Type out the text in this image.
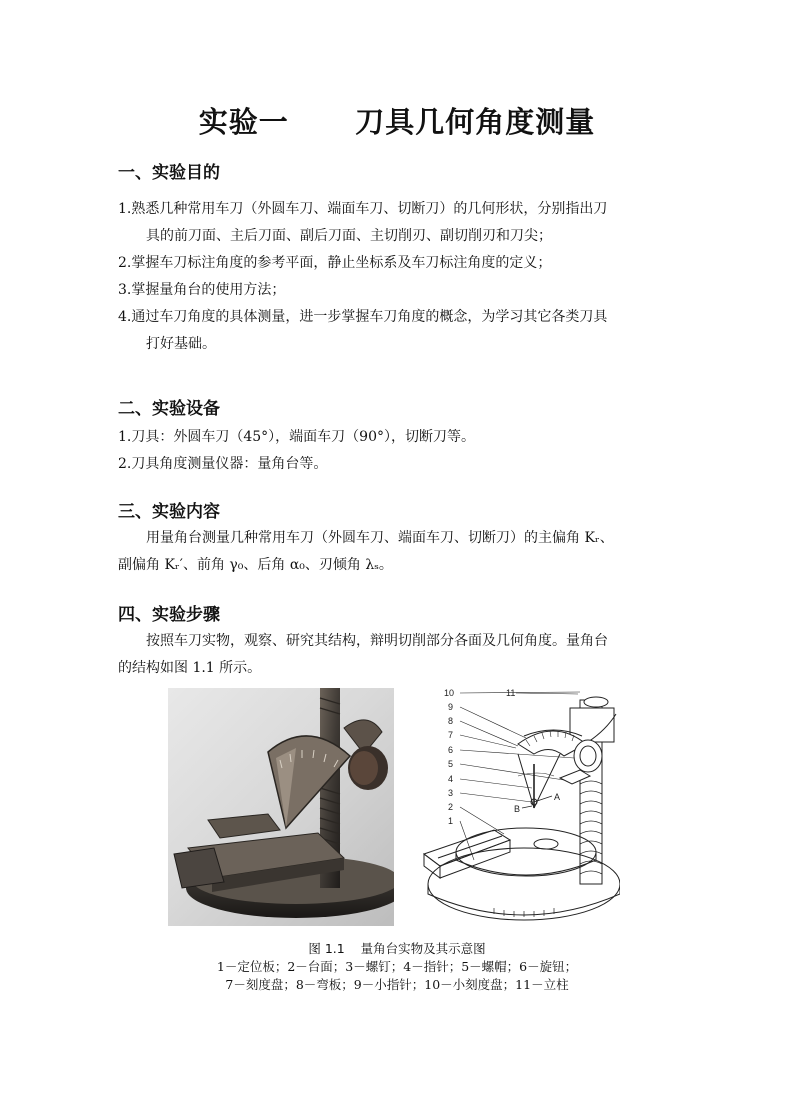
实验一      刀具几何角度测量
一、实验目的
1.熟悉几种常用车刀（外圆车刀、端面车刀、切断刀）的几何形状，分别指出刀
具的前刀面、主后刀面、副后刀面、主切削刃、副切削刃和刀尖；
2.掌握车刀标注角度的参考平面，静止坐标系及车刀标注角度的定义；
3.掌握量角台的使用方法；
4.通过车刀角度的具体测量，进一步掌握车刀角度的概念，为学习其它各类刀具
打好基础。
二、实验设备
1.刀具：外圆车刀（45°），端面车刀（90°），切断刀等。
2.刀具角度测量仪器：量角台等。
三、实验内容
用量角台测量几种常用车刀（外圆车刀、端面车刀、切断刀）的主偏角 Kᵣ、
副偏角 Kᵣ′、前角 γ₀、后角 α₀、刃倾角 λₛ。
四、实验步骤
按照车刀实物，观察、研究其结构，辩明切削部分各面及几何角度。量角台
的结构如图 1.1 所示。
10	11
9
8
7
6
5
4
3
2
1
A
B
图 1.1    量角台实物及其示意图
1－定位板；2－台面；3－螺钉；4－指针；5－螺帽；6－旋钮；
7－刻度盘；8－弯板；9－小指针；10－小刻度盘；11－立柱
